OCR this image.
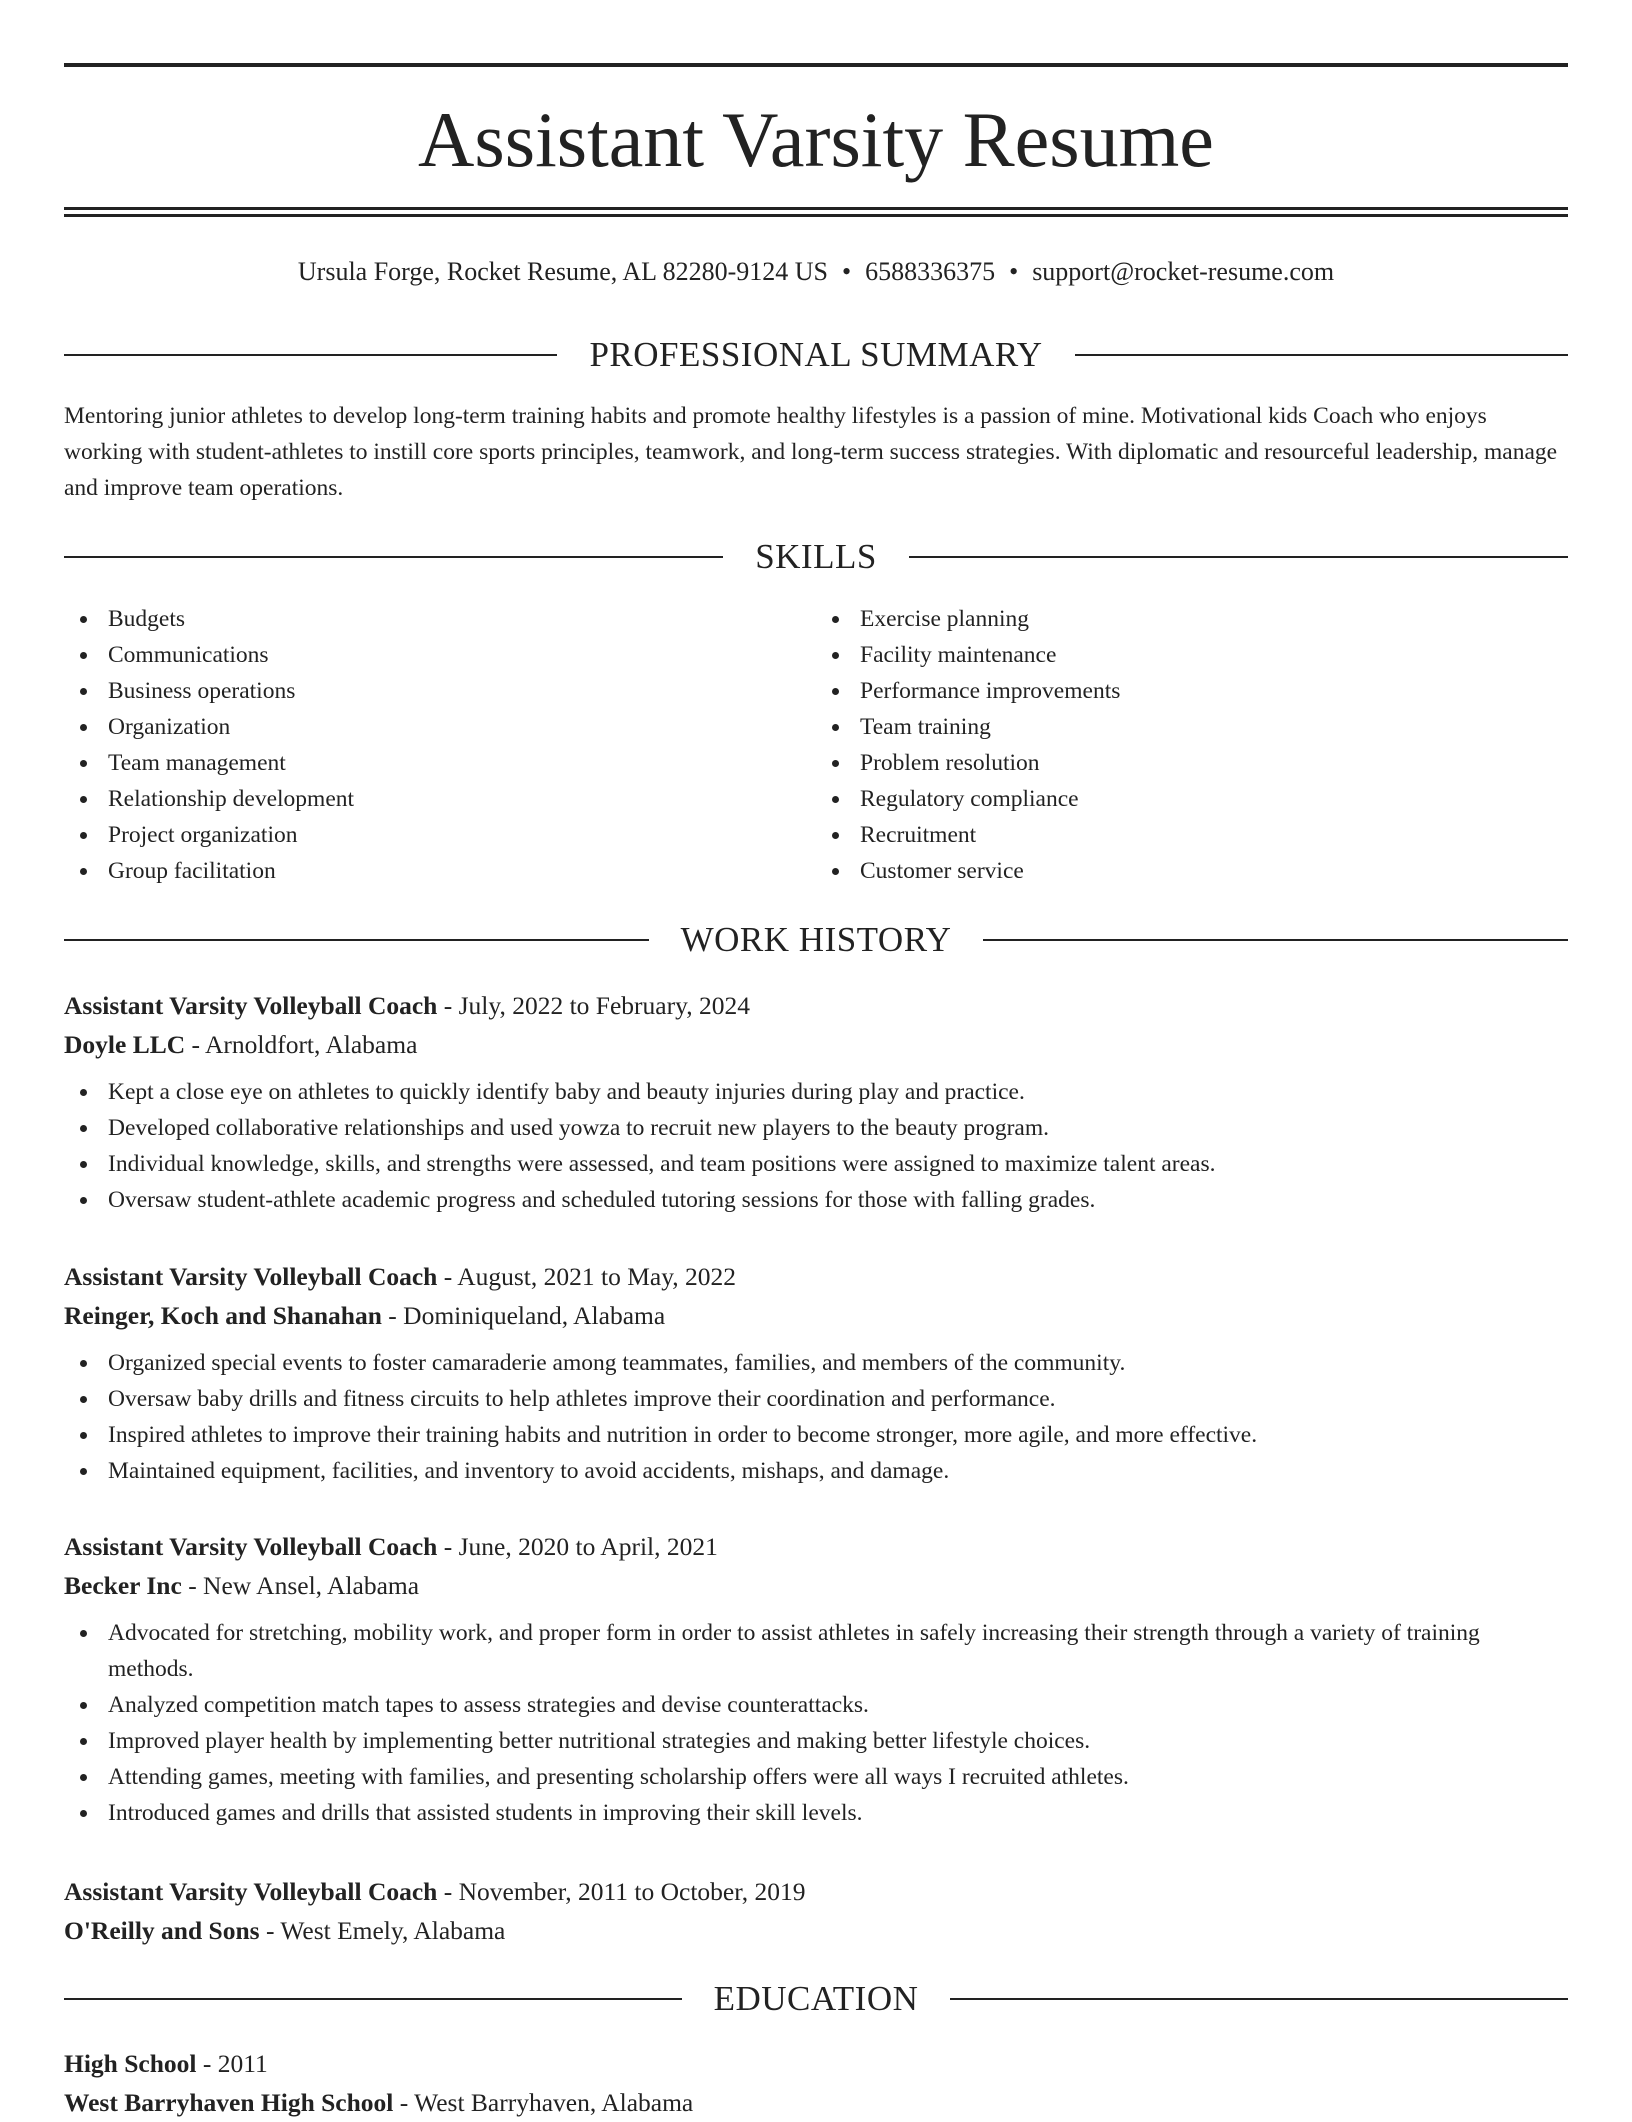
Assistant Varsity Resume
Ursula Forge, Rocket Resume, AL 82280-9124 US • 6588336375 • support@rocket-resume.com
PROFESSIONAL SUMMARY

Mentoring junior athletes to develop long-term training habits and promote healthy lifestyles is a passion of mine. Motivational kids Coach who enjoys working with student-athletes to instill core sports principles, teamwork, and long-term success strategies. With diplomatic and resourceful leadership, manage and improve team operations.

SKILLS
Budgets
Communications
Business operations
Organization
Team management
Relationship development
Project organization
Group facilitation
Exercise planning
Facility maintenance
Performance improvements
Team training
Problem resolution
Regulatory compliance
Recruitment
Customer service
WORK HISTORY

Assistant Varsity Volleyball Coach - July, 2022 to February, 2024

Doyle LLC - Arnoldfort, Alabama

Kept a close eye on athletes to quickly identify baby and beauty injuries during play and practice.
Developed collaborative relationships and used yowza to recruit new players to the beauty program.
Individual knowledge, skills, and strengths were assessed, and team positions were assigned to maximize talent areas.
Oversaw student-athlete academic progress and scheduled tutoring sessions for those with falling grades.

Assistant Varsity Volleyball Coach - August, 2021 to May, 2022

Reinger, Koch and Shanahan - Dominiqueland, Alabama

Organized special events to foster camaraderie among teammates, families, and members of the community.
Oversaw baby drills and fitness circuits to help athletes improve their coordination and performance.
Inspired athletes to improve their training habits and nutrition in order to become stronger, more agile, and more effective.
Maintained equipment, facilities, and inventory to avoid accidents, mishaps, and damage.

Assistant Varsity Volleyball Coach - June, 2020 to April, 2021

Becker Inc - New Ansel, Alabama

Advocated for stretching, mobility work, and proper form in order to assist athletes in safely increasing their strength through a variety of training methods.
Analyzed competition match tapes to assess strategies and devise counterattacks.
Improved player health by implementing better nutritional strategies and making better lifestyle choices.
Attending games, meeting with families, and presenting scholarship offers were all ways I recruited athletes.
Introduced games and drills that assisted students in improving their skill levels.

Assistant Varsity Volleyball Coach - November, 2011 to October, 2019

O'Reilly and Sons - West Emely, Alabama

EDUCATION

High School - 2011

West Barryhaven High School - West Barryhaven, Alabama
